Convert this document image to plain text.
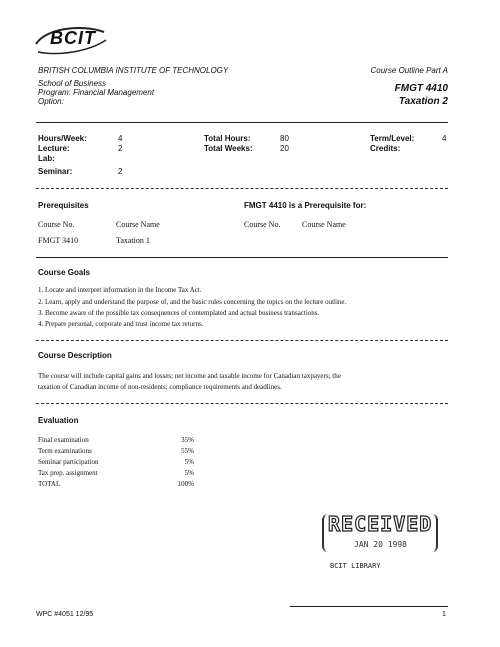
BCIT
BRITISH COLUMBIA INSTITUTE OF TECHNOLOGY
School of Business
Program: Financial Management
Option:
Course Outline Part A
FMGT 4410
Taxation 2
Hours/Week:	4
Lecture:	2
Lab:
Seminar:	2
Total Hours:	80
Total Weeks:	20
Term/Level:	4
Credits:
Prerequisites
Course No.	Course Name
FMGT 3410	Taxation 1
FMGT 4410 is a Prerequisite for:
Course No.	Course Name
Course Goals
1. Locate and interpret information in the Income Tax Act.
2. Learn, apply and understand the purpose of, and the basic rules concerning the topics on the lecture outline.
3. Become aware of the possible tax consequences of contemplated and actual business transactions.
4. Prepare personal, corporate and trust income tax returns.
Course Description
The course will include capital gains and losses; net income and taxable income for Canadian taxpayers; the
taxation of Canadian income of non-residents; compliance requirements and deadlines.
Evaluation
Final examination	35%
Term examinations	55%
Seminar participation	5%
Tax prep. assignment	5%
TOTAL	100%
RECEIVED
JAN 20 1998
BCIT LIBRARY
WPC #4051 12/95	1
